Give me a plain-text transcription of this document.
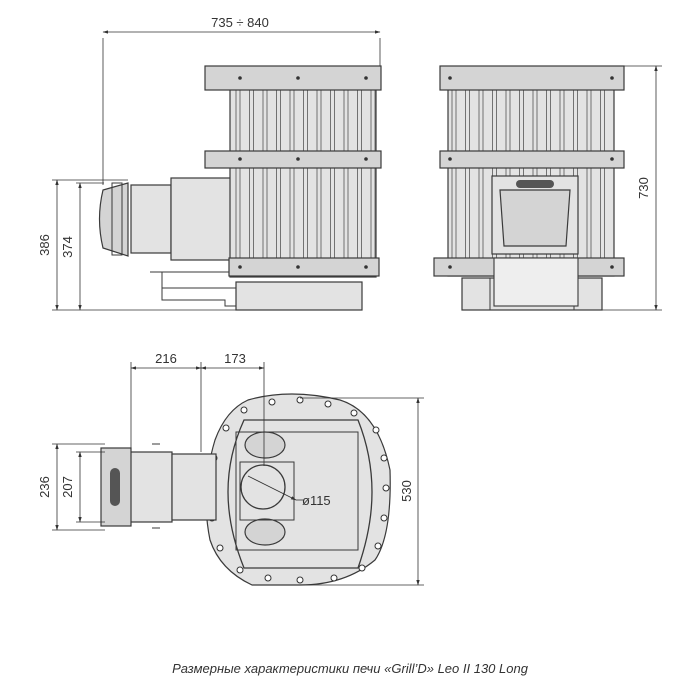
735 ÷ 840
386 374
730
216	173
236 207	530
ø115
Размерные характеристики печи «Grill’D» Leo II 130 Long
